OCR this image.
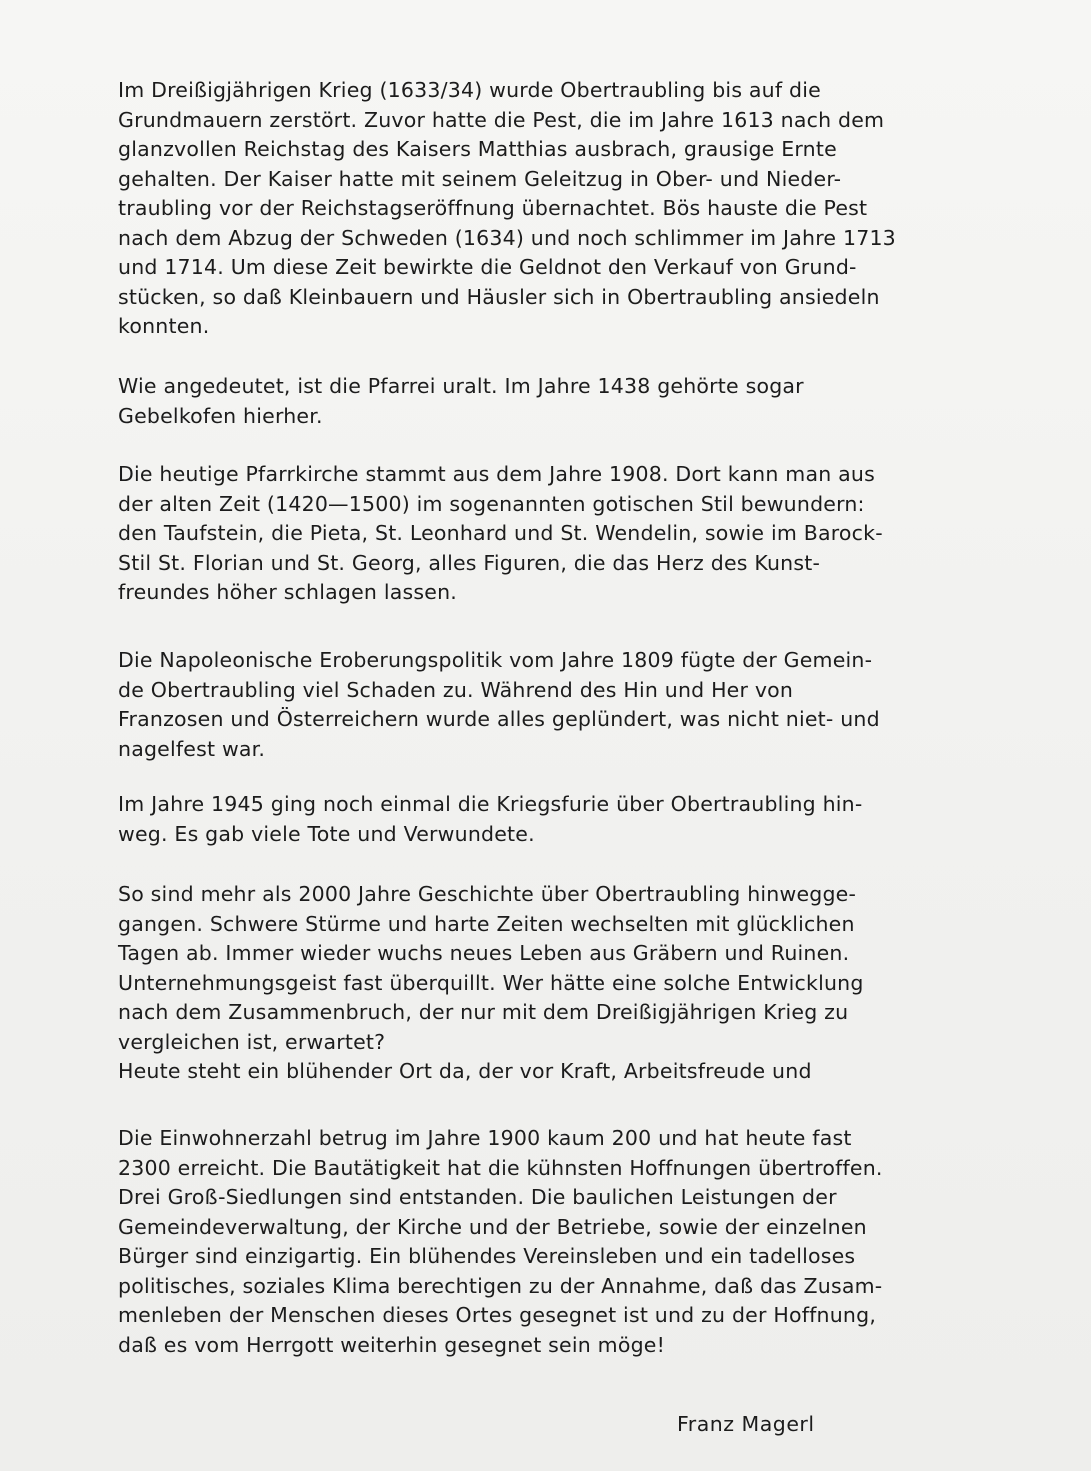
Im Dreißigjährigen Krieg (1633/34) wurde Obertraubling bis auf die
Grundmauern zerstört. Zuvor hatte die Pest, die im Jahre 1613 nach dem
glanzvollen Reichstag des Kaisers Matthias ausbrach, grausige Ernte
gehalten. Der Kaiser hatte mit seinem Geleitzug in Ober- und Nieder-
traubling vor der Reichstagseröffnung übernachtet. Bös hauste die Pest
nach dem Abzug der Schweden (1634) und noch schlimmer im Jahre 1713
und 1714. Um diese Zeit bewirkte die Geldnot den Verkauf von Grund-
stücken, so daß Kleinbauern und Häusler sich in Obertraubling ansiedeln
konnten.

Wie angedeutet, ist die Pfarrei uralt. Im Jahre 1438 gehörte sogar
Gebelkofen hierher.

Die heutige Pfarrkirche stammt aus dem Jahre 1908. Dort kann man aus
der alten Zeit (1420—1500) im sogenannten gotischen Stil bewundern:
den Taufstein, die Pieta, St. Leonhard und St. Wendelin, sowie im Barock-
Stil St. Florian und St. Georg, alles Figuren, die das Herz des Kunst-
freundes höher schlagen lassen.

Die Napoleonische Eroberungspolitik vom Jahre 1809 fügte der Gemein-
de Obertraubling viel Schaden zu. Während des Hin und Her von
Franzosen und Österreichern wurde alles geplündert, was nicht niet- und
nagelfest war.

Im Jahre 1945 ging noch einmal die Kriegsfurie über Obertraubling hin-
weg. Es gab viele Tote und Verwundete.

So sind mehr als 2000 Jahre Geschichte über Obertraubling hinwegge-
gangen. Schwere Stürme und harte Zeiten wechselten mit glücklichen
Tagen ab. Immer wieder wuchs neues Leben aus Gräbern und Ruinen.
Unternehmungsgeist fast überquillt. Wer hätte eine solche Entwicklung
nach dem Zusammenbruch, der nur mit dem Dreißigjährigen Krieg zu
vergleichen ist, erwartet?
Heute steht ein blühender Ort da, der vor Kraft, Arbeitsfreude und

Die Einwohnerzahl betrug im Jahre 1900 kaum 200 und hat heute fast
2300 erreicht. Die Bautätigkeit hat die kühnsten Hoffnungen übertroffen.
Drei Groß-Siedlungen sind entstanden. Die baulichen Leistungen der
Gemeindeverwaltung, der Kirche und der Betriebe, sowie der einzelnen
Bürger sind einzigartig. Ein blühendes Vereinsleben und ein tadelloses
politisches, soziales Klima berechtigen zu der Annahme, daß das Zusam-
menleben der Menschen dieses Ortes gesegnet ist und zu der Hoffnung,
daß es vom Herrgott weiterhin gesegnet sein möge!

Franz Magerl
